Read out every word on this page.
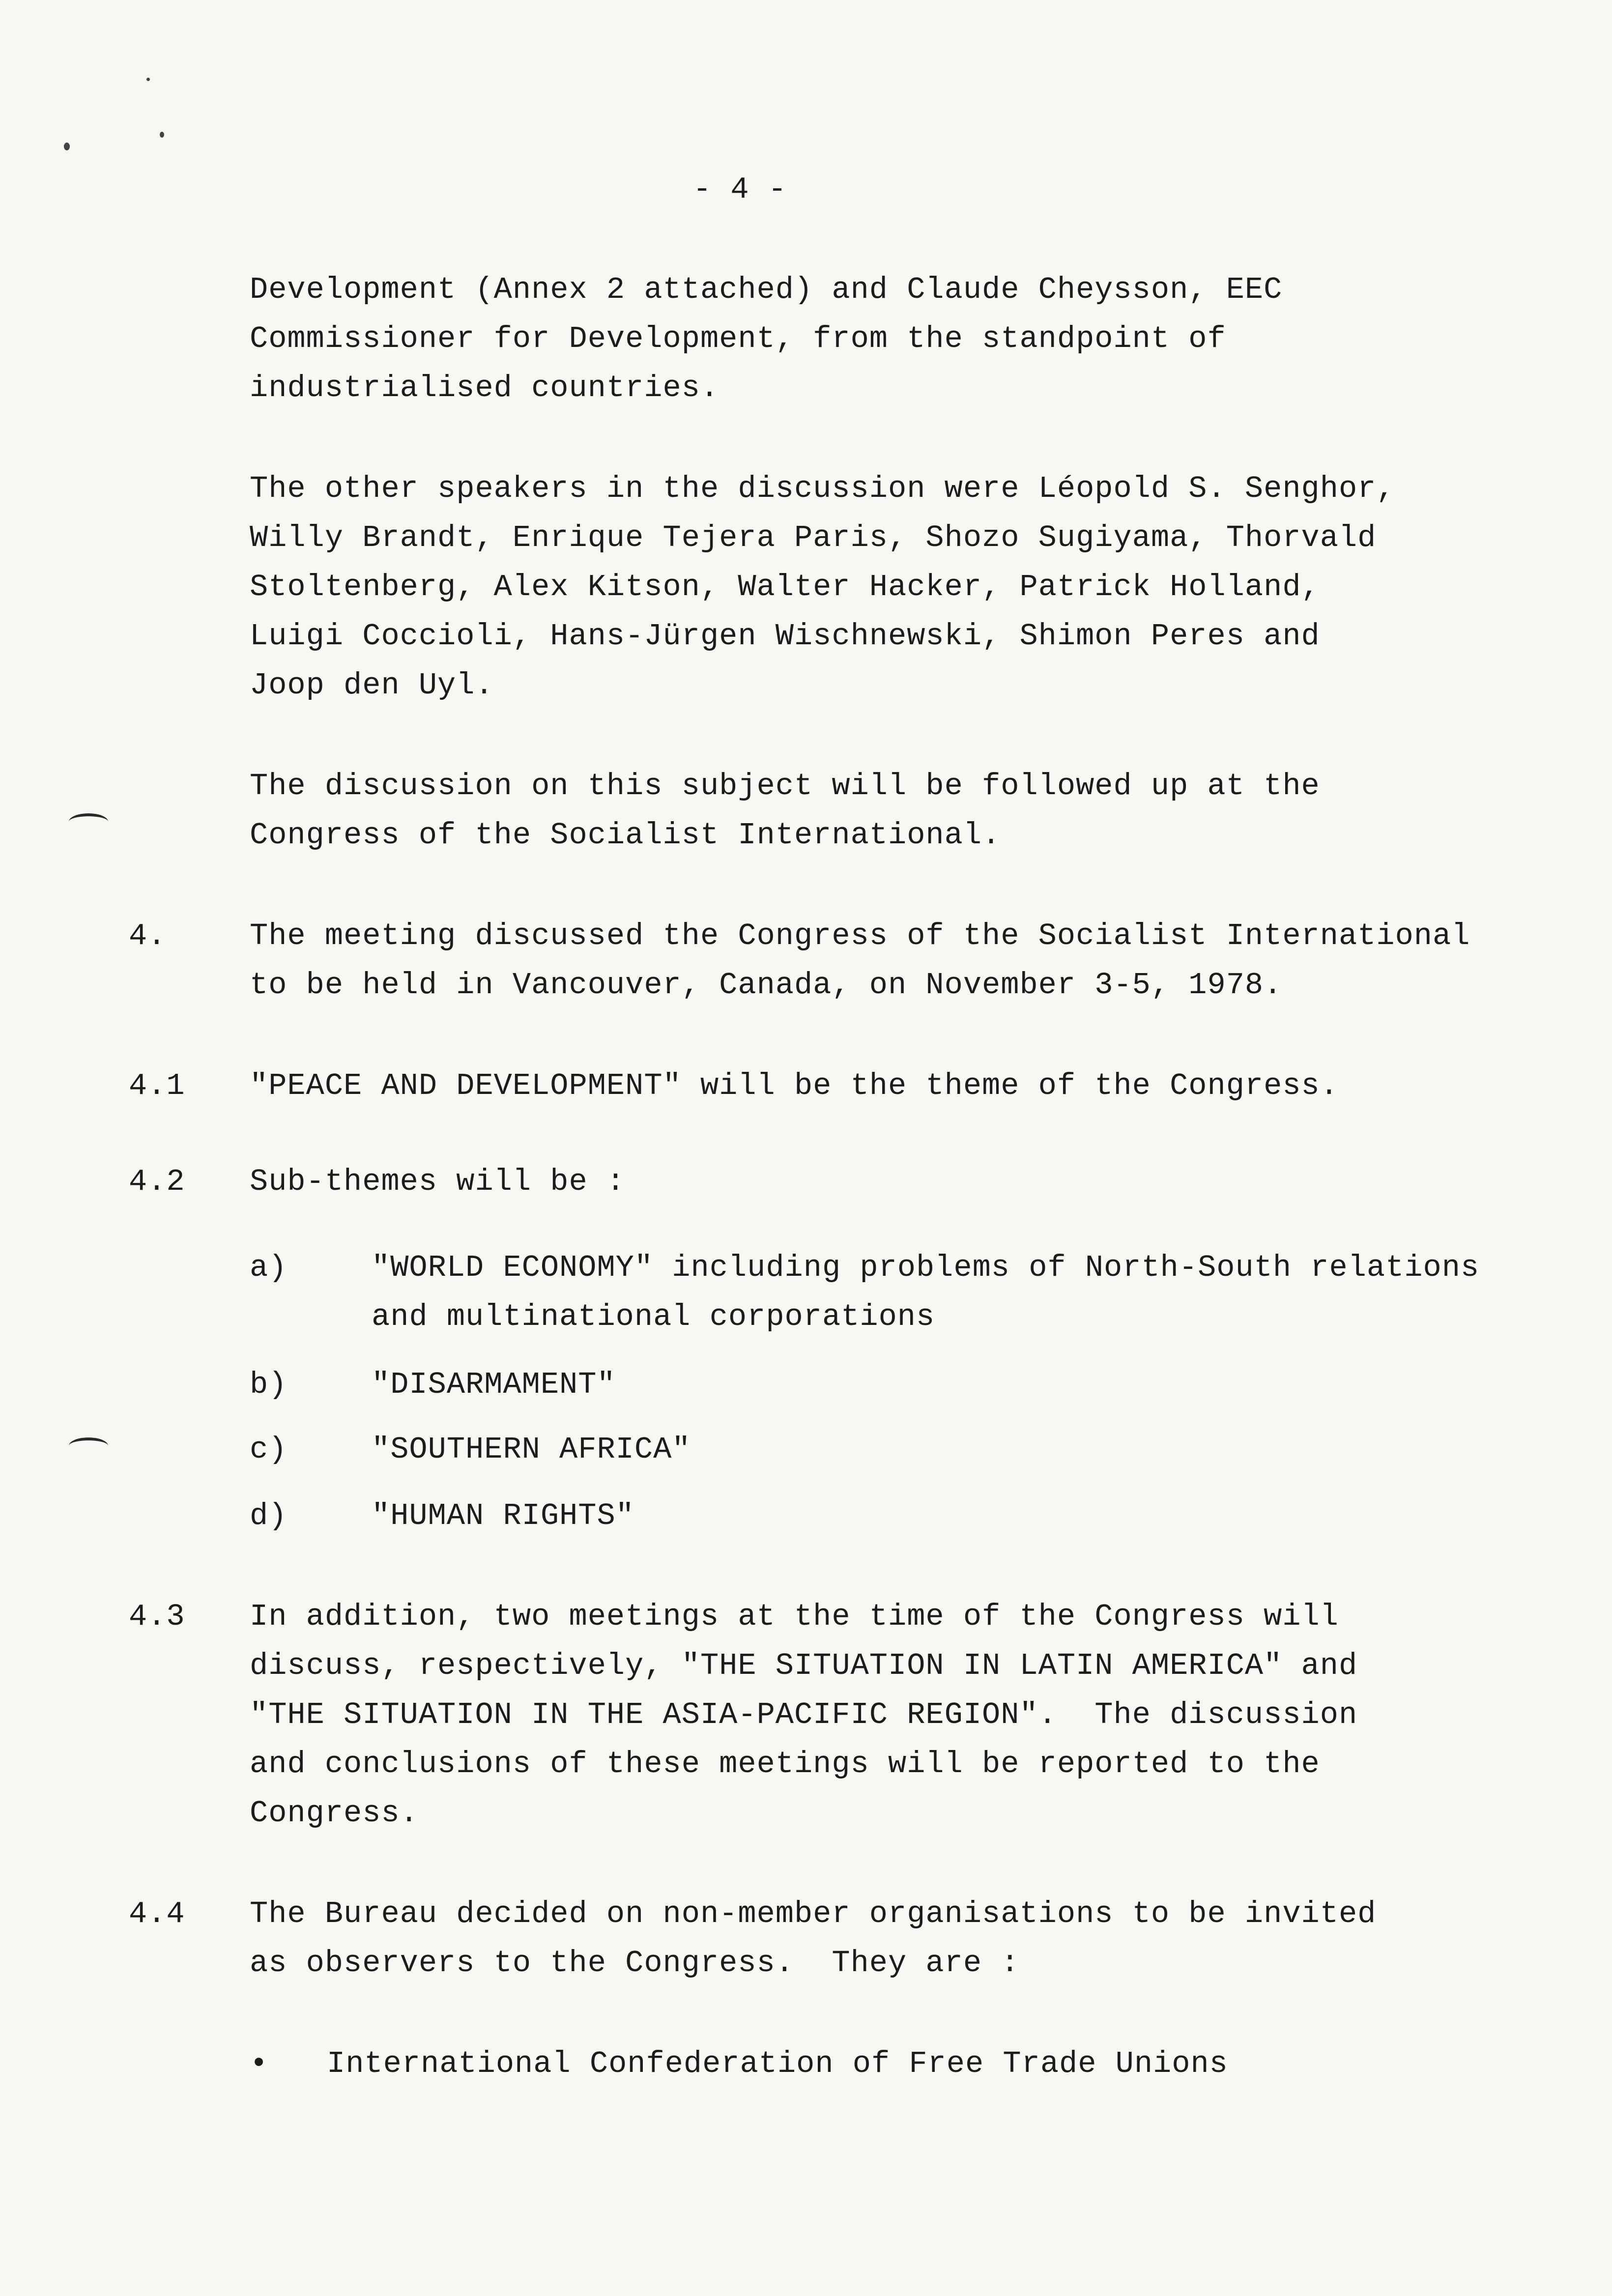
- 4 -
Development (Annex 2 attached) and Claude Cheysson, EEC
Commissioner for Development, from the standpoint of
industrialised countries.
The other speakers in the discussion were Léopold S. Senghor,
Willy Brandt, Enrique Tejera Paris, Shozo Sugiyama, Thorvald
Stoltenberg, Alex Kitson, Walter Hacker, Patrick Holland,
Luigi Coccioli, Hans-Jürgen Wischnewski, Shimon Peres and
Joop den Uyl.
The discussion on this subject will be followed up at the
Congress of the Socialist International.
4.	The meeting discussed the Congress of the Socialist International
to be held in Vancouver, Canada, on November 3-5, 1978.
4.1 "PEACE AND DEVELOPMENT" will be the theme of the Congress.
4.2 Sub-themes will be :
a)	"WORLD ECONOMY" including problems of North-South relations
and multinational corporations
b)	"DISARMAMENT"
c)	"SOUTHERN AFRICA"
d)	"HUMAN RIGHTS"
4.3 In addition, two meetings at the time of the Congress will
discuss, respectively, "THE SITUATION IN LATIN AMERICA" and
"THE SITUATION IN THE ASIA-PACIFIC REGION".  The discussion
and conclusions of these meetings will be reported to the
Congress.
4.4 The Bureau decided on non-member organisations to be invited
as observers to the Congress.  They are :
• International Confederation of Free Trade Unions
